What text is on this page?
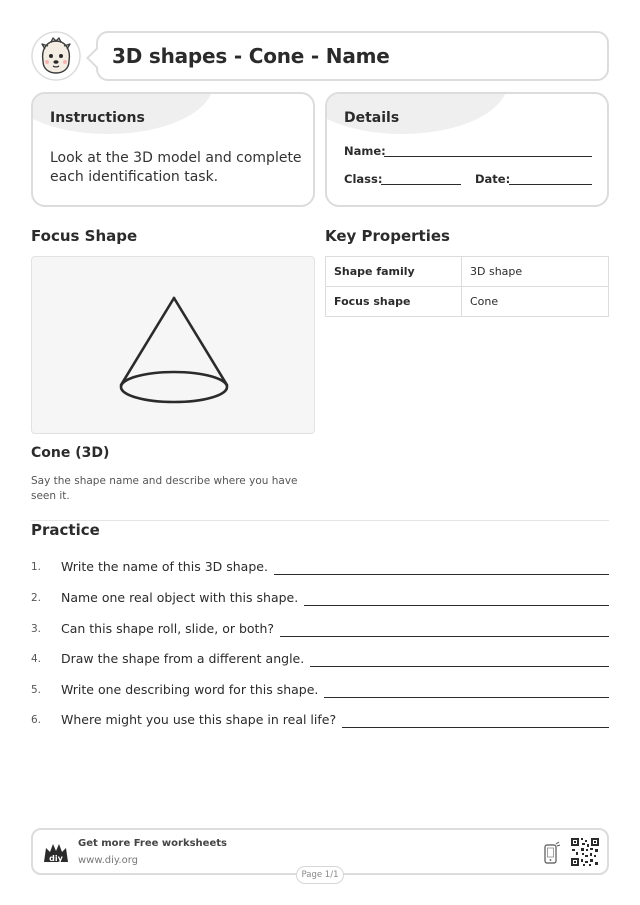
3D shapes - Cone - Name
Instructions
Look at the 3D model and complete each identification task.
Details
Name:
Class:	Date:
Focus Shape	Key Properties
Shape family	3D shape
Focus shape	Cone
Cone (3D)
Say the shape name and describe where you have seen it.
Practice
1.	Write the name of this 3D shape.
2.	Name one real object with this shape.
3.	Can this shape roll, slide, or both?
4.	Draw the shape from a different angle.
5.	Write one describing word for this shape.
6.	Where might you use this shape in real life?
diy
Get more Free worksheets
www.diy.org
Page 1/1
